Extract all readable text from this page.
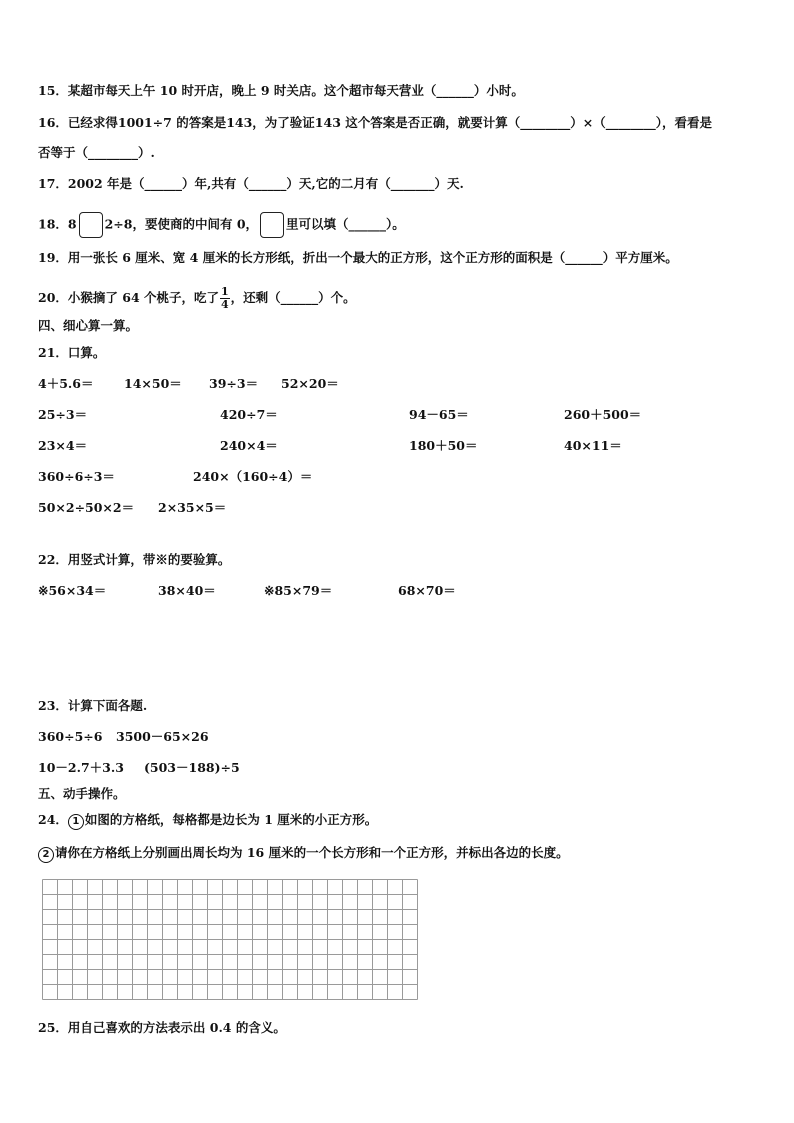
15．某超市每天上午 10 时开店，晚上 9 时关店。这个超市每天营业（______）小时。
16．已经求得1001÷7 的答案是143，为了验证143 这个答案是否正确，就要计算（________）×（________），看看是
否等于（________）.
17．2002 年是（______）年,共有（______）天,它的二月有（_______）天.
18．8 2÷8，要使商的中间有 0， 里可以填（______）。
19．用一张长 6 厘米、宽 4 厘米的长方形纸，折出一个最大的正方形，这个正方形的面积是（______）平方厘米。
20．小猴摘了 64 个桃子，吃了 $\frac{1}{4}$ ，还剩（______）个。
四、细心算一算。
21．口算。
4＋5.6＝ 14×50＝ 39÷3＝ 52×20＝
25÷3＝	420÷7＝	94－65＝	260＋500＝
23×4＝	240×4＝	180＋50＝	40×11＝
360÷6÷3＝	240×（160÷4）＝
50×2÷50×2＝ 2×35×5＝
22．用竖式计算，带※的要验算。
※56×34＝	38×40＝	※85×79＝	68×70＝
23．计算下面各题.
360÷5÷6 3500－65×26
10－2.7＋3.3 (503－188)÷5
五、动手操作。
24． 1 如图的方格纸，每格都是边长为 1 厘米的小正方形。
2 请你在方格纸上分别画出周长均为 16 厘米的一个长方形和一个正方形，并标出各边的长度。
25．用自己喜欢的方法表示出 0.4 的含义。
